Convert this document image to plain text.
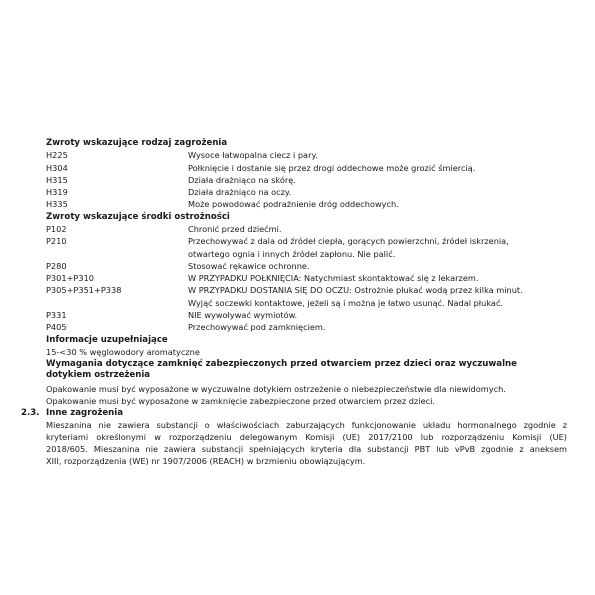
Zwroty wskazujące rodzaj zagrożenia
H225	Wysoce łatwopalna ciecz i pary.
H304	Połknięcie i dostanie się przez drogi oddechowe może grozić śmiercią.
H315	Działa drażniąco na skórę.
H319	Działa drażniąco na oczy.
H335	Może powodować podrażnienie dróg oddechowych.
Zwroty wskazujące środki ostrożności
P102	Chronić przed dziećmi.
P210	Przechowywać z dala od źródeł ciepła, gorących powierzchni, źródeł iskrzenia,
otwartego ognia i innych źródeł zapłonu. Nie palić.
P280	Stosować rękawice ochronne.
P301+P310	W PRZYPADKU POŁKNIĘCIA: Natychmiast skontaktować się z lekarzem.
P305+P351+P338	W PRZYPADKU DOSTANIA SIĘ DO OCZU: Ostrożnie płukać wodą przez kilka minut.
Wyjąć soczewki kontaktowe, jeżeli są i można je łatwo usunąć. Nadal płukać.
P331	NIE wywoływać wymiotów.
P405	Przechowywać pod zamknięciem.
Informacje uzupełniające
15-<30 % węglowodory aromatyczne
Wymagania dotyczące zamknięć zabezpieczonych przed otwarciem przez dzieci oraz wyczuwalne
dotykiem ostrzeżenia
Opakowanie musi być wyposażone w wyczuwalne dotykiem ostrzeżenie o niebezpieczeństwie dla niewidomych.
Opakowanie musi być wyposażone w zamknięcie zabezpieczone przed otwarciem przez dzieci.
2.3. Inne zagrożenia
Mieszanina nie zawiera substancji o właściwościach zaburzających funkcjonowanie układu hormonalnego zgodnie z
kryteriami określonymi w rozporządzeniu delegowanym Komisji (UE) 2017/2100 lub rozporządzeniu Komisji (UE)
2018/605. Mieszanina nie zawiera substancji spełniających kryteria dla substancji PBT lub vPvB zgodnie z aneksem
XIII, rozporządzenia (WE) nr 1907/2006 (REACH) w brzmieniu obowiązującym.
